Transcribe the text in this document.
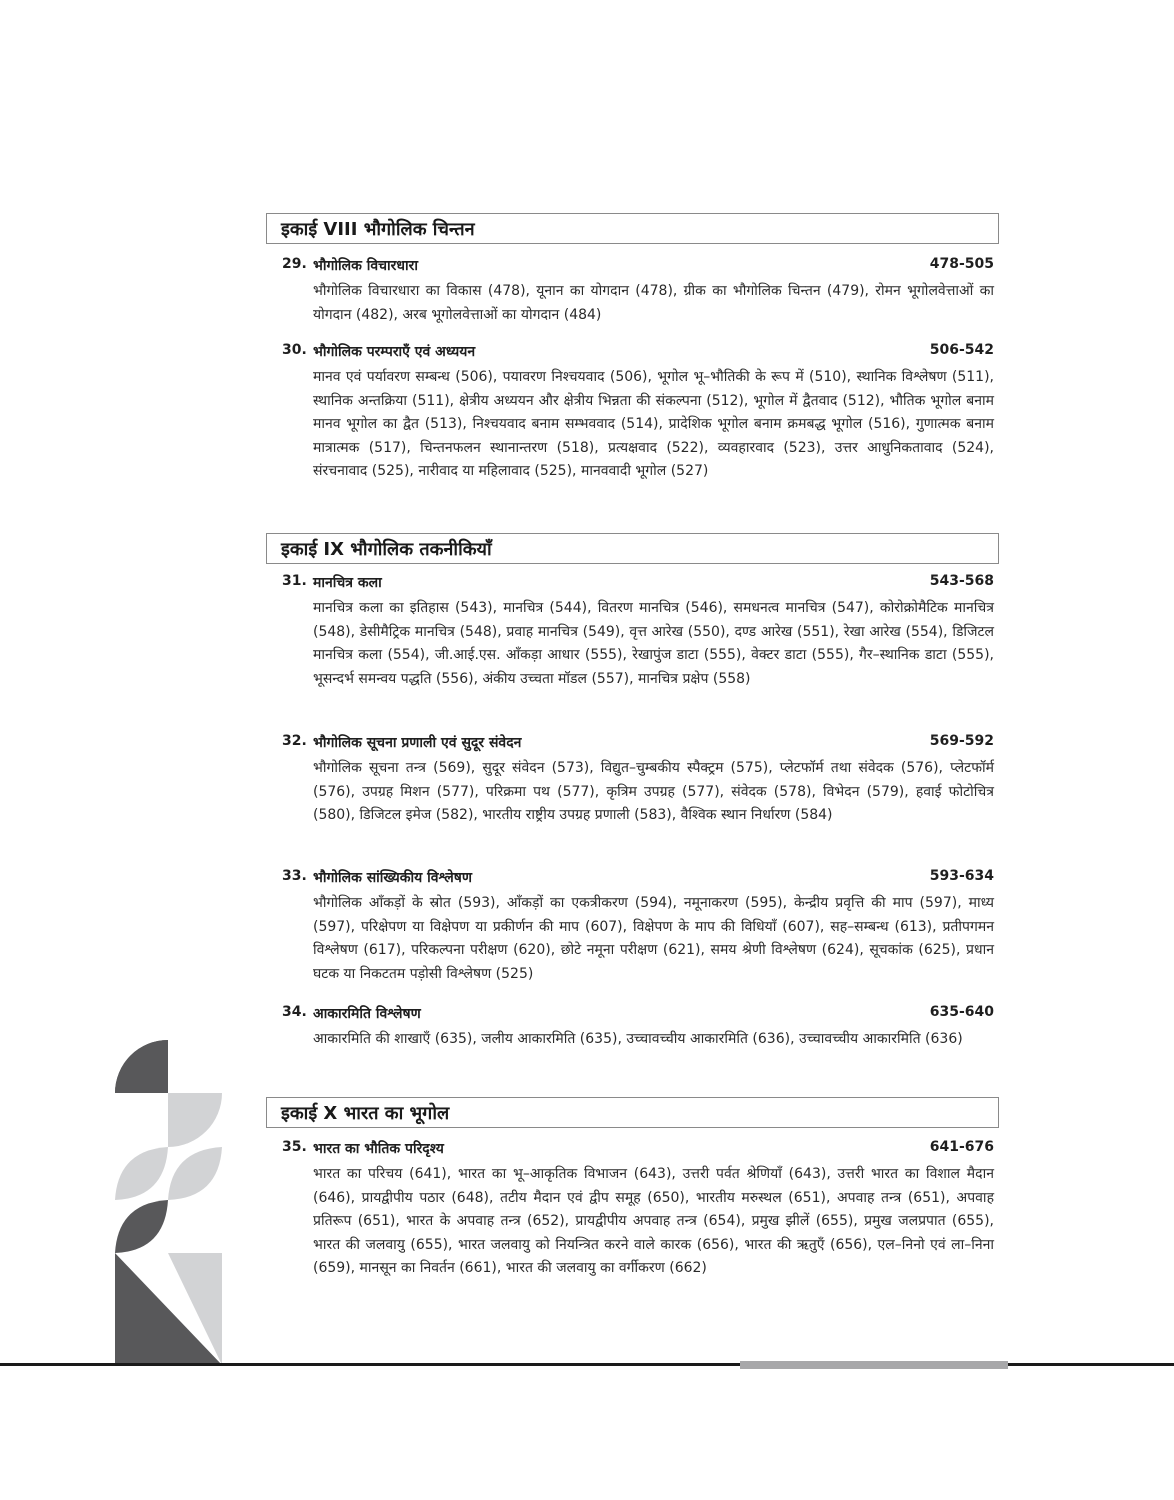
इकाई VIII भौगोलिक चिन्तन
29. भौगोलिक विचारधारा	478-505
भौगोलिक विचारधारा का विकास (478), यूनान का योगदान (478), ग्रीक का भौगोलिक चिन्तन (479), रोमन भूगोलवेत्ताओं का योगदान (482), अरब भूगोलवेत्ताओं का योगदान (484)
30. भौगोलिक परम्पराएँ एवं अध्ययन	506-542
मानव एवं पर्यावरण सम्बन्ध (506), पयावरण निश्चयवाद (506), भूगोल भू–भौतिकी के रूप में (510), स्थानिक विश्लेषण (511), स्थानिक अन्तक्रिया (511), क्षेत्रीय अध्ययन और क्षेत्रीय भिन्नता की संकल्पना (512), भूगोल में द्वैतवाद (512), भौतिक भूगोल बनाम मानव भूगोल का द्वैत (513), निश्चयवाद बनाम सम्भववाद (514), प्रादेशिक भूगोल बनाम क्रमबद्ध भूगोल (516), गुणात्मक बनाम मात्रात्मक (517), चिन्तनफलन स्थानान्तरण (518), प्रत्यक्षवाद (522), व्यवहारवाद (523), उत्तर आधुनिकतावाद (524), संरचनावाद (525), नारीवाद या महिलावाद (525), मानववादी भूगोल (527)
इकाई IX भौगोलिक तकनीकियाँ
31. मानचित्र कला	543-568
मानचित्र कला का इतिहास (543), मानचित्र (544), वितरण मानचित्र (546), समधनत्व मानचित्र (547), कोरोक्रोमैटिक मानचित्र (548), डेसीमैट्रिक मानचित्र (548), प्रवाह मानचित्र (549), वृत्त आरेख (550), दण्ड आरेख (551), रेखा आरेख (554), डिजिटल मानचित्र कला (554), जी.आई.एस. आँकड़ा आधार (555), रेखापुंज डाटा (555), वेक्टर डाटा (555), गैर–स्थानिक डाटा (555), भूसन्दर्भ समन्वय पद्धति (556), अंकीय उच्चता मॉडल (557), मानचित्र प्रक्षेप (558)
32. भौगोलिक सूचना प्रणाली एवं सुदूर संवेदन	569-592
भौगोलिक सूचना तन्त्र (569), सुदूर संवेदन (573), विद्युत–चुम्बकीय स्पैक्ट्रम (575), प्लेटफॉर्म तथा संवेदक (576), प्लेटफॉर्म (576), उपग्रह मिशन (577), परिक्रमा पथ (577), कृत्रिम उपग्रह (577), संवेदक (578), विभेदन (579), हवाई फोटोचित्र (580), डिजिटल इमेज (582), भारतीय राष्ट्रीय उपग्रह प्रणाली (583), वैश्विक स्थान निर्धारण (584)
33. भौगोलिक सांख्यिकीय विश्लेषण	593-634
भौगोलिक आँकड़ों के स्रोत (593), आँकड़ों का एकत्रीकरण (594), नमूनाकरण (595), केन्द्रीय प्रवृत्ति की माप (597), माध्य (597), परिक्षेपण या विक्षेपण या प्रकीर्णन की माप (607), विक्षेपण के माप की विधियाँ (607), सह–सम्बन्ध (613), प्रतीपगमन विश्लेषण (617), परिकल्पना परीक्षण (620), छोटे नमूना परीक्षण (621), समय श्रेणी विश्लेषण (624), सूचकांक (625), प्रधान घटक या निकटतम पड़ोसी विश्लेषण (525)
34. आकारमिति विश्लेषण	635-640
आकारमिति की शाखाएँ (635), जलीय आकारमिति (635), उच्चावच्चीय आकारमिति (636), उच्चावच्चीय आकारमिति (636)
इकाई X भारत का भूगोल
35. भारत का भौतिक परिदृश्य	641-676
भारत का परिचय (641), भारत का भू–आकृतिक विभाजन (643), उत्तरी पर्वत श्रेणियाँ (643), उत्तरी भारत का विशाल मैदान (646), प्रायद्वीपीय पठार (648), तटीय मैदान एवं द्वीप समूह (650), भारतीय मरुस्थल (651), अपवाह तन्त्र (651), अपवाह प्रतिरूप (651), भारत के अपवाह तन्त्र (652), प्रायद्वीपीय अपवाह तन्त्र (654), प्रमुख झीलें (655), प्रमुख जलप्रपात (655), भारत की जलवायु (655), भारत जलवायु को नियन्त्रित करने वाले कारक (656), भारत की ऋतुएँ (656), एल–निनो एवं ला–निना (659), मानसून का निवर्तन (661), भारत की जलवायु का वर्गीकरण (662)
